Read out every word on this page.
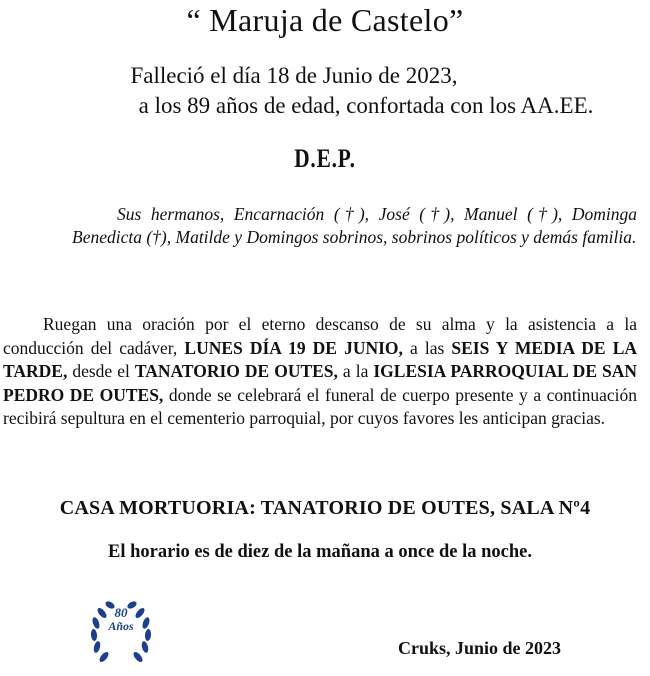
“ Maruja de Castelo”
Falleció el día 18 de Junio de 2023,
a los 89 años de edad, confortada con los AA.EE.
D.E.P.
Sus hermanos, Encarnación (†), José (†), Manuel (†), Dominga Benedicta (†), Matilde y Domingos sobrinos, sobrinos políticos y demás familia.
Ruegan una oración por el eterno descanso de su alma y la asistencia a la conducción del cadáver, LUNES DÍA 19 DE JUNIO, a las SEIS Y MEDIA DE LA TARDE, desde el TANATORIO DE OUTES, a la IGLESIA PARROQUIAL DE SAN PEDRO DE OUTES, donde se celebrará el funeral de cuerpo presente y a continuación recibirá sepultura en el cementerio parroquial, por cuyos favores les anticipan gracias.
CASA MORTUORIA: TANATORIO DE OUTES, SALA Nº4
El horario es de diez de la mañana a once de la noche.
80
Años
Cruks, Junio de 2023
